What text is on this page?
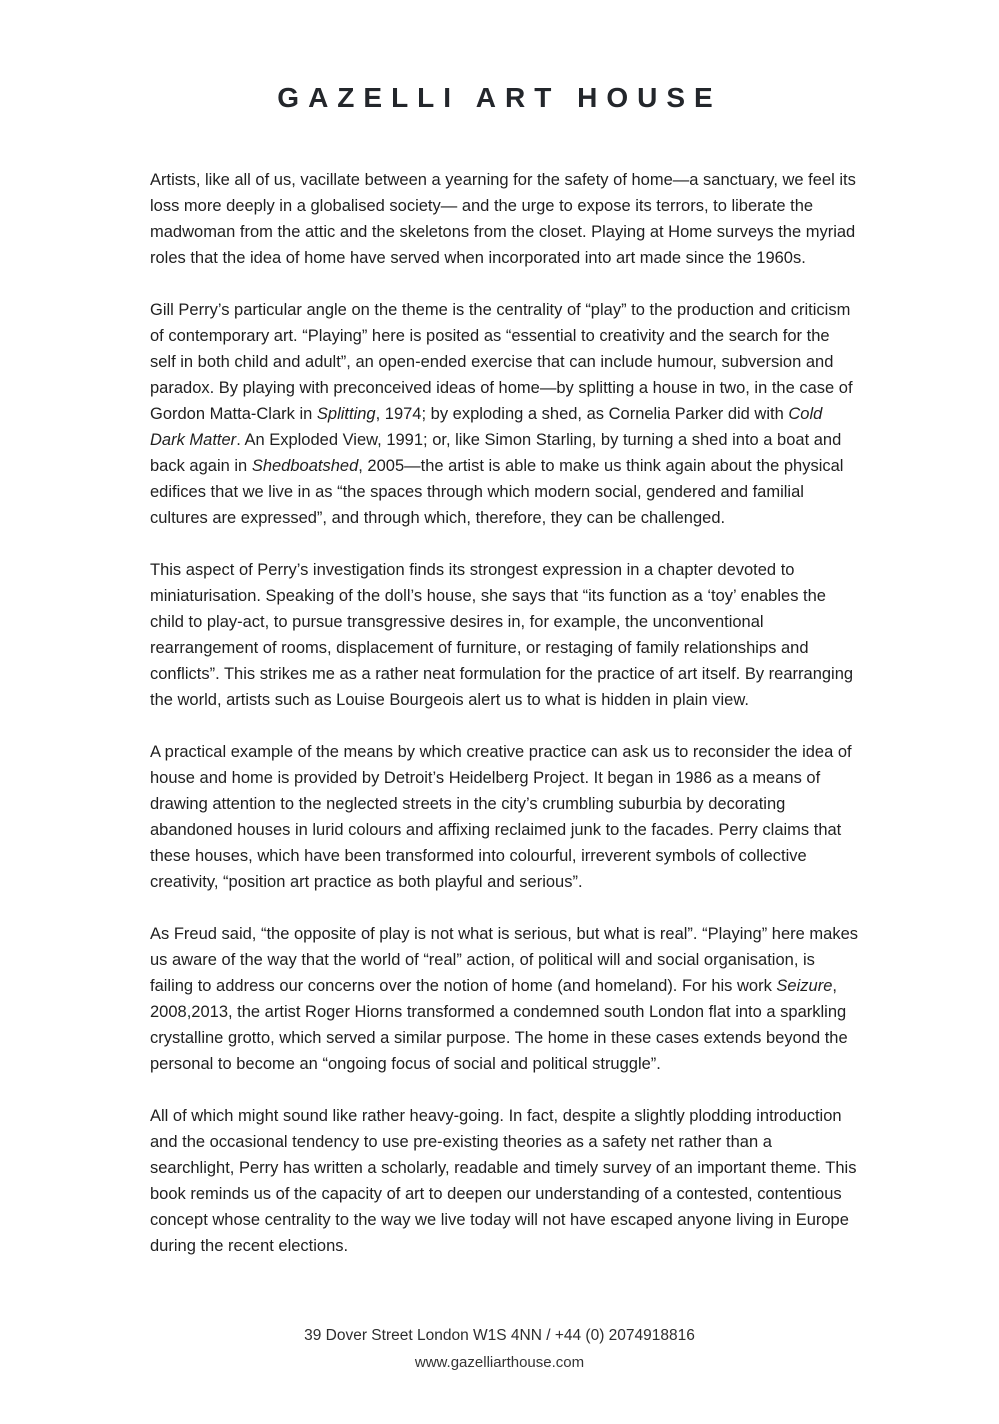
GAZELLI ART HOUSE

Artists, like all of us, vacillate between a yearning for the safety of home—a sanctuary, we feel its loss more deeply in a globalised society— and the urge to expose its terrors, to liberate the madwoman from the attic and the skeletons from the closet. Playing at Home surveys the myriad roles that the idea of home have served when incorporated into art made since the 1960s.

Gill Perry’s particular angle on the theme is the centrality of “play” to the production and criticism of contemporary art. “Playing” here is posited as “essential to creativity and the search for the self in both child and adult”, an open-ended exercise that can include humour, subversion and paradox. By playing with preconceived ideas of home—by splitting a house in two, in the case of Gordon Matta-Clark in Splitting, 1974; by exploding a shed, as Cornelia Parker did with Cold Dark Matter. An Exploded View, 1991; or, like Simon Starling, by turning a shed into a boat and back again in Shedboatshed, 2005—the artist is able to make us think again about the physical edifices that we live in as “the spaces through which modern social, gendered and familial cultures are expressed”, and through which, therefore, they can be challenged.

This aspect of Perry’s investigation finds its strongest expression in a chapter devoted to miniaturisation. Speaking of the doll’s house, she says that “its function as a ‘toy’ enables the child to play-act, to pursue transgressive desires in, for example, the unconventional rearrangement of rooms, displacement of furniture, or restaging of family relationships and conflicts”. This strikes me as a rather neat formulation for the practice of art itself. By rearranging the world, artists such as Louise Bourgeois alert us to what is hidden in plain view.

A practical example of the means by which creative practice can ask us to reconsider the idea of house and home is provided by Detroit’s Heidelberg Project. It began in 1986 as a means of drawing attention to the neglected streets in the city’s crumbling suburbia by decorating abandoned houses in lurid colours and affixing reclaimed junk to the facades. Perry claims that these houses, which have been transformed into colourful, irreverent symbols of collective creativity, “position art practice as both playful and serious”.

As Freud said, “the opposite of play is not what is serious, but what is real”. “Playing” here makes us aware of the way that the world of “real” action, of political will and social organisation, is failing to address our concerns over the notion of home (and homeland). For his work Seizure, 2008,2013, the artist Roger Hiorns transformed a condemned south London flat into a sparkling crystalline grotto, which served a similar purpose. The home in these cases extends beyond the personal to become an “ongoing focus of social and political struggle”.

All of which might sound like rather heavy-going. In fact, despite a slightly plodding introduction and the occasional tendency to use pre-existing theories as a safety net rather than a searchlight, Perry has written a scholarly, readable and timely survey of an important theme. This book reminds us of the capacity of art to deepen our understanding of a contested, contentious concept whose centrality to the way we live today will not have escaped anyone living in Europe during the recent elections.

39 Dover Street London W1S 4NN / +44 (0) 2074918816
www.gazelliarthouse.com
